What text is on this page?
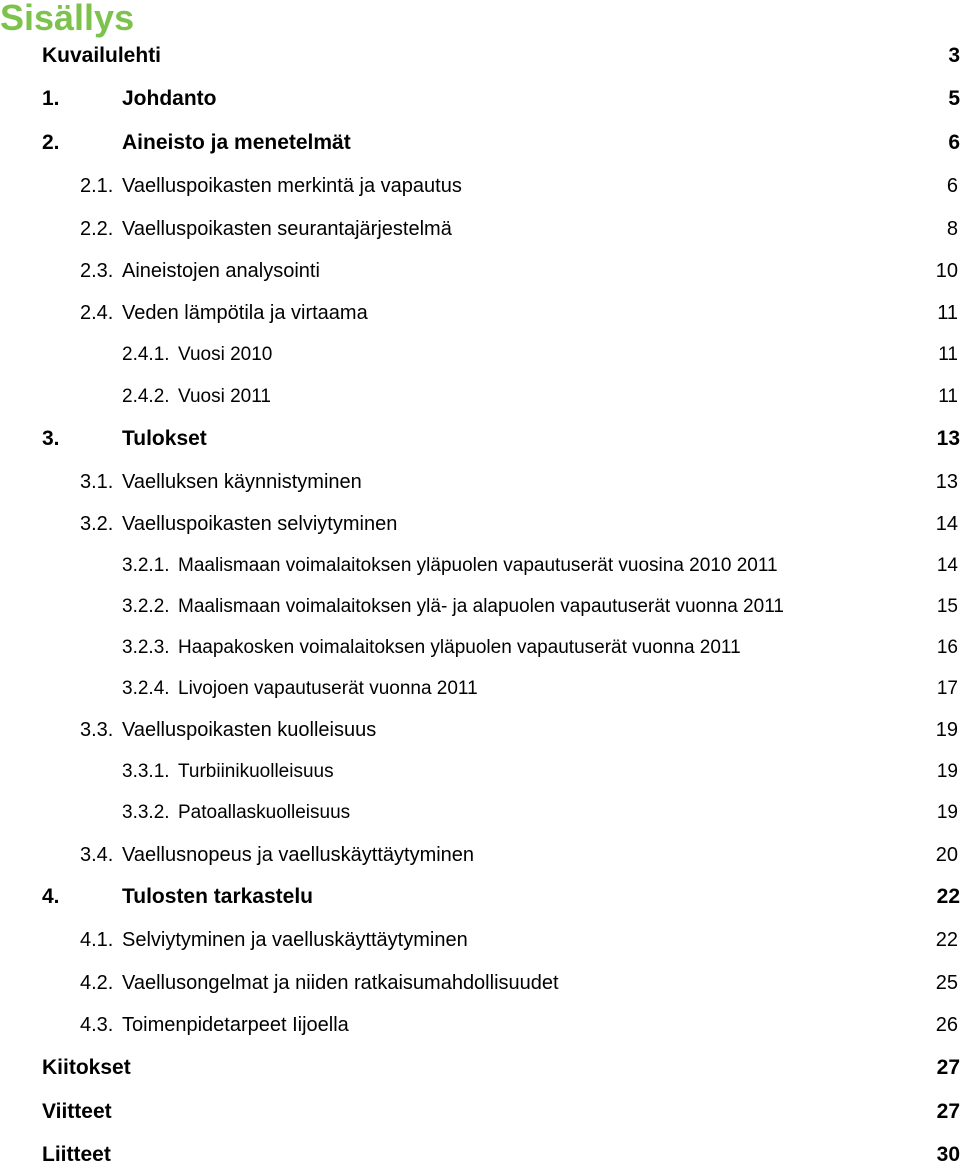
Sisällys
Kuvailulehti	3
1.	Johdanto	5
2.	Aineisto ja menetelmät	6
2.1. Vaelluspoikasten merkintä ja vapautus	6
2.2. Vaelluspoikasten seurantajärjestelmä	8
2.3. Aineistojen analysointi	10
2.4. Veden lämpötila ja virtaama	11
2.4.1. Vuosi 2010	11
2.4.2. Vuosi 2011	11
3.	Tulokset	13
3.1. Vaelluksen käynnistyminen	13
3.2. Vaelluspoikasten selviytyminen	14
3.2.1. Maalismaan voimalaitoksen yläpuolen vapautuserät vuosina 2010 2011	14
3.2.2. Maalismaan voimalaitoksen ylä- ja alapuolen vapautuserät vuonna 2011	15
3.2.3. Haapakosken voimalaitoksen yläpuolen vapautuserät vuonna 2011	16
3.2.4. Livojoen vapautuserät vuonna 2011	17
3.3. Vaelluspoikasten kuolleisuus	19
3.3.1. Turbiinikuolleisuus	19
3.3.2. Patoallaskuolleisuus	19
3.4. Vaellusnopeus ja vaelluskäyttäytyminen	20
4.	Tulosten tarkastelu	22
4.1. Selviytyminen ja vaelluskäyttäytyminen	22
4.2. Vaellusongelmat ja niiden ratkaisumahdollisuudet	25
4.3. Toimenpidetarpeet Iijoella	26
Kiitokset	27
Viitteet	27
Liitteet	30
